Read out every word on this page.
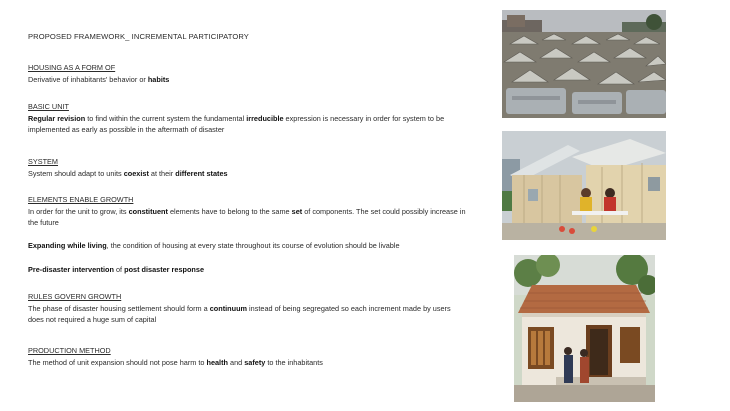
PROPOSED FRAMEWORK_ INCREMENTAL PARTICIPATORY
HOUSING AS A FORM OF
Derivative of inhabitants' behavior or habits
BASIC UNIT
Regular revision to find within the current system the fundamental irreducible expression is necessary in order for system to be implemented as early as possible in the aftermath of disaster
SYSTEM
System should adapt to units coexist at their different states
ELEMENTS ENABLE GROWTH
In order for the unit to grow, its constituent elements have to belong to the same set of components. The set could possibly increase in the future
Expanding while living, the condition of housing at every state throughout its course of evolution should be livable
Pre-disaster intervention of post disaster response
RULES GOVERN GROWTH
The phase of disaster housing settlement should form a continuum instead of being segregated so each increment made by users does not required a huge sum of capital
PRODUCTION METHOD
The method of unit expansion should not pose harm to health and safety to the inhabitants
